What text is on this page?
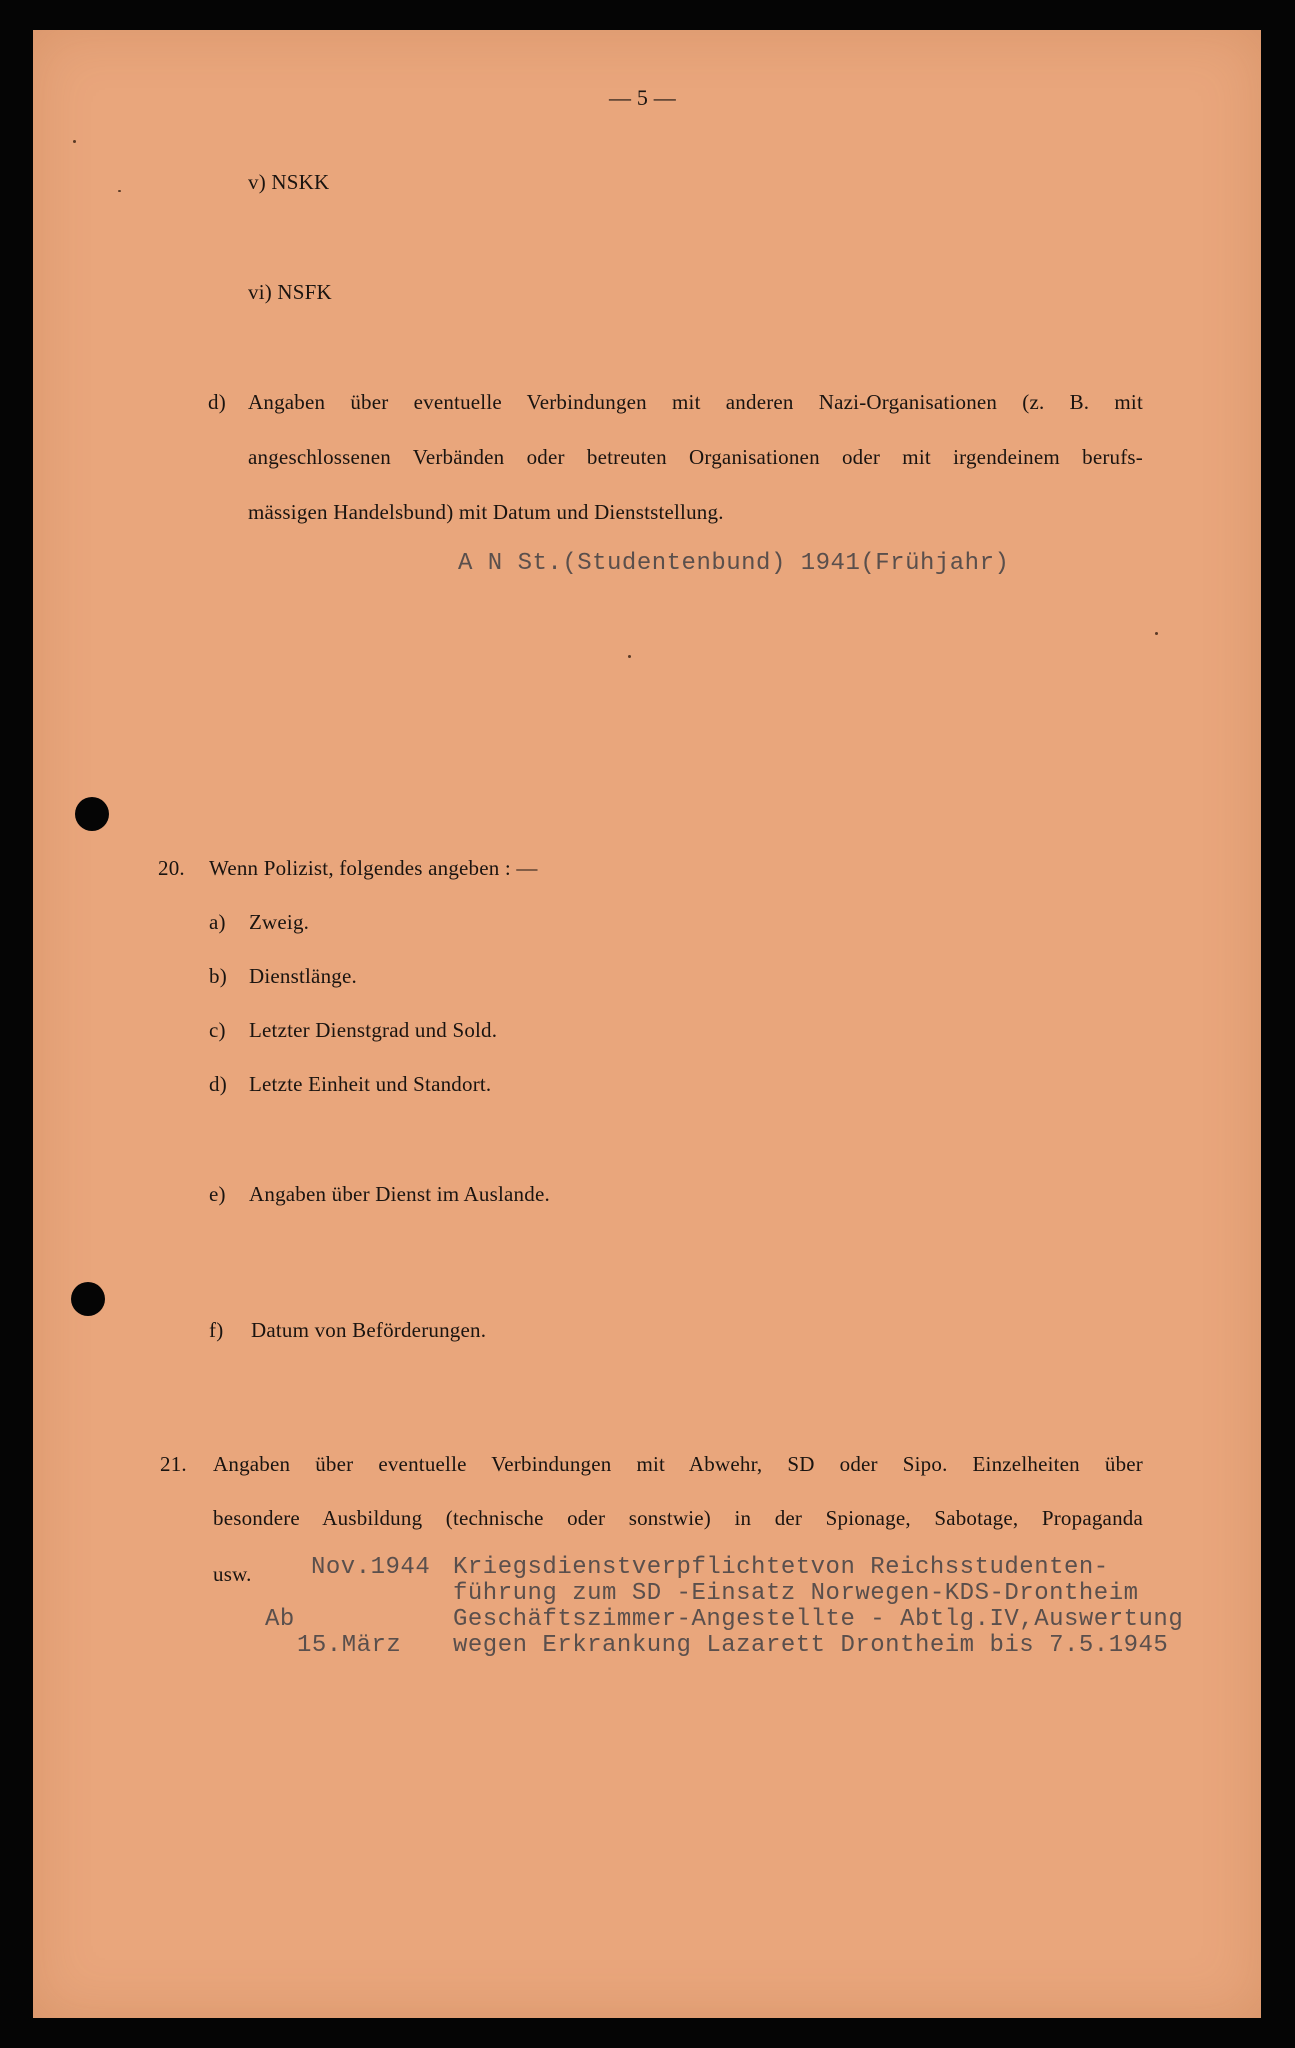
— 5 —
v) NSKK
vi) NSFK
d) Angaben über eventuelle Verbindungen mit anderen Nazi-Organisationen (z. B. mit
angeschlossenen Verbänden oder betreuten Organisationen oder mit irgendeinem berufs-
mässigen Handelsbund) mit Datum und Dienststellung.
A N St.(Studentenbund) 1941(Frühjahr)
20. Wenn Polizist, folgendes angeben : —
a) Zweig.
b) Dienstlänge.
c) Letzter Dienstgrad und Sold.
d) Letzte Einheit und Standort.
e) Angaben über Dienst im Auslande.
f) Datum von Beförderungen.
21. Angaben über eventuelle Verbindungen mit Abwehr, SD oder Sipo. Einzelheiten über
besondere Ausbildung (technische oder sonstwie) in der Spionage, Sabotage, Propaganda
usw. Nov.1944
Ab
15.März
Kriegsdienstverpflichtetvon Reichsstudenten-
führung zum SD -Einsatz Norwegen-KDS-Drontheim
Geschäftszimmer-Angestellte - Abtlg.IV,Auswertung
wegen Erkrankung Lazarett Drontheim bis 7.5.1945
